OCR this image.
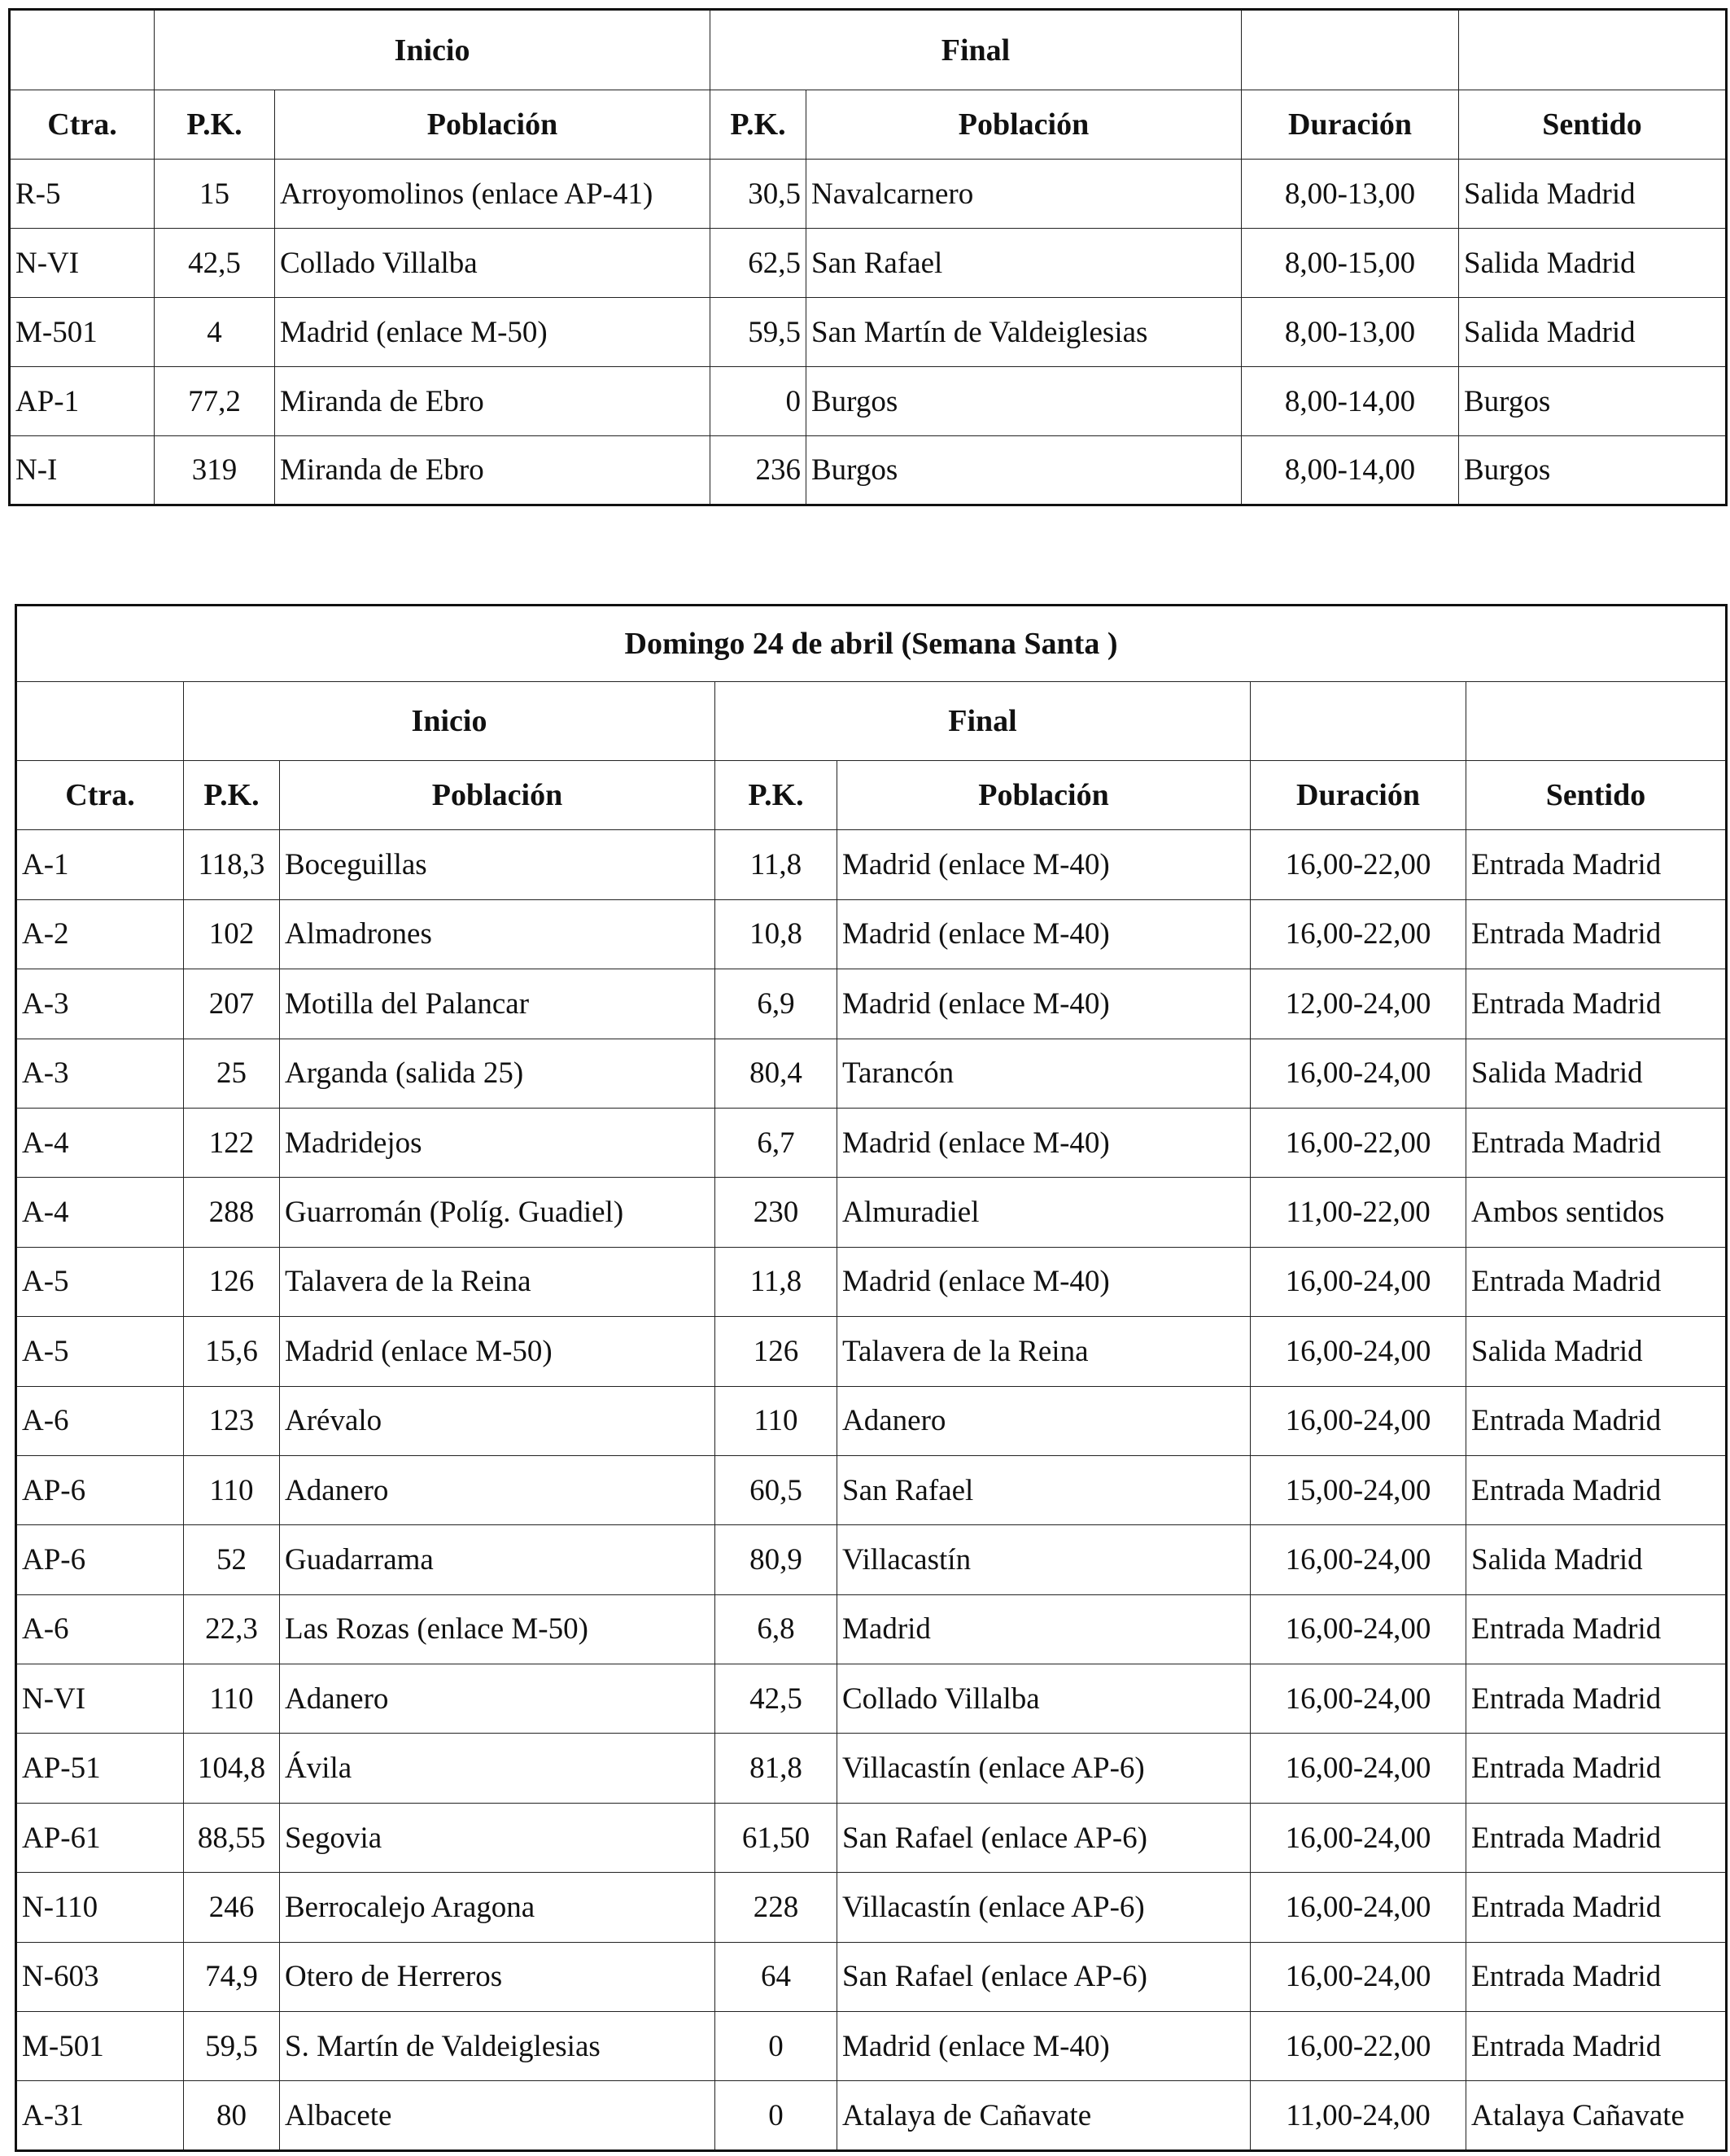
	Inicio		Final			
Ctra.	P.K.	Población	P.K.	Población	Duración	Sentido
R-5	15	Arroyomolinos (enlace AP-41)	30,5	Navalcarnero	8,00-13,00	Salida Madrid
N-VI	42,5	Collado Villalba	62,5	San Rafael	8,00-15,00	Salida Madrid
M-501	4	Madrid (enlace M-50)	59,5	San Martín de Valdeiglesias	8,00-13,00	Salida Madrid
AP-1	77,2	Miranda de Ebro	0	Burgos	8,00-14,00	Burgos
N-I	319	Miranda de Ebro	236	Burgos	8,00-14,00	Burgos
Domingo 24 de abril (Semana Santa )						
	Inicio		Final			
Ctra.	P.K.	Población	P.K.	Población	Duración	Sentido
A-1	118,3	Boceguillas	11,8	Madrid (enlace M-40)	16,00-22,00	Entrada Madrid
A-2	102	Almadrones	10,8	Madrid (enlace M-40)	16,00-22,00	Entrada Madrid
A-3	207	Motilla del Palancar	6,9	Madrid (enlace M-40)	12,00-24,00	Entrada Madrid
A-3	25	Arganda (salida 25)	80,4	Tarancón	16,00-24,00	Salida Madrid
A-4	122	Madridejos	6,7	Madrid (enlace M-40)	16,00-22,00	Entrada Madrid
A-4	288	Guarromán (Políg. Guadiel)	230	Almuradiel	11,00-22,00	Ambos sentidos
A-5	126	Talavera de la Reina	11,8	Madrid (enlace M-40)	16,00-24,00	Entrada Madrid
A-5	15,6	Madrid (enlace M-50)	126	Talavera de la Reina	16,00-24,00	Salida Madrid
A-6	123	Arévalo	110	Adanero	16,00-24,00	Entrada Madrid
AP-6	110	Adanero	60,5	San Rafael	15,00-24,00	Entrada Madrid
AP-6	52	Guadarrama	80,9	Villacastín	16,00-24,00	Salida Madrid
A-6	22,3	Las Rozas (enlace M-50)	6,8	Madrid	16,00-24,00	Entrada Madrid
N-VI	110	Adanero	42,5	Collado Villalba	16,00-24,00	Entrada Madrid
AP-51	104,8	Ávila	81,8	Villacastín (enlace AP-6)	16,00-24,00	Entrada Madrid
AP-61	88,55	Segovia	61,50	San Rafael (enlace AP-6)	16,00-24,00	Entrada Madrid
N-110	246	Berrocalejo Aragona	228	Villacastín (enlace AP-6)	16,00-24,00	Entrada Madrid
N-603	74,9	Otero de Herreros	64	San Rafael (enlace AP-6)	16,00-24,00	Entrada Madrid
M-501	59,5	S. Martín de Valdeiglesias	0	Madrid (enlace M-40)	16,00-22,00	Entrada Madrid
A-31	80	Albacete	0	Atalaya de Cañavate	11,00-24,00	Atalaya Cañavate
